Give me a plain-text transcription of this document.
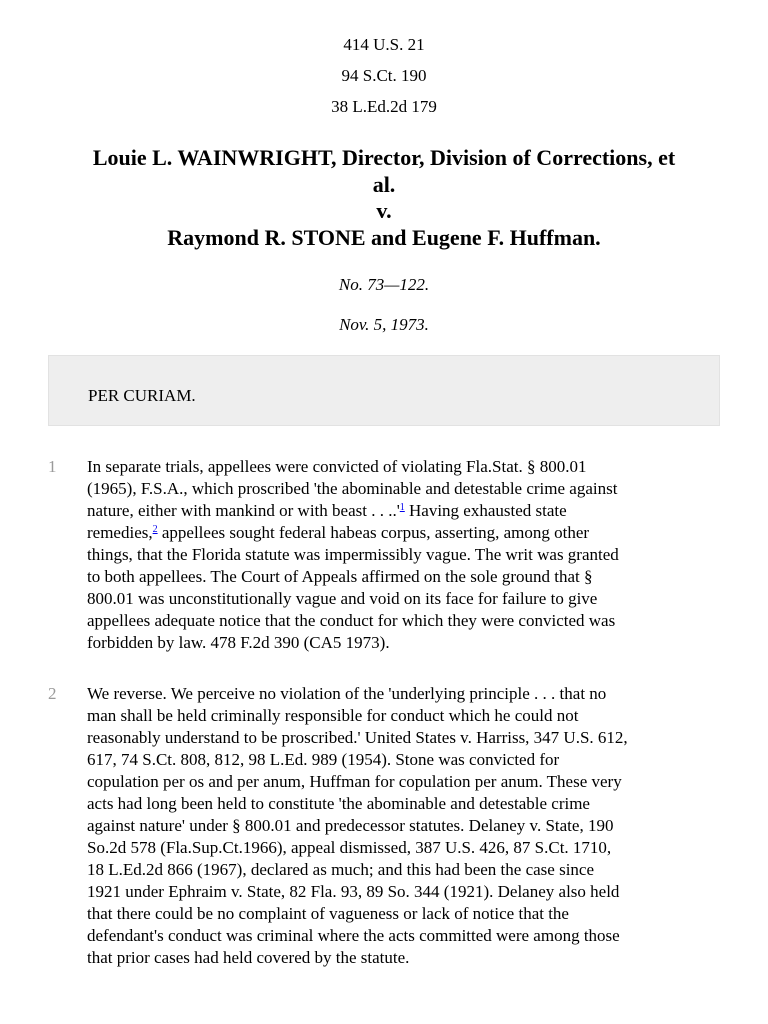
414 U.S. 21
94 S.Ct. 190
38 L.Ed.2d 179
Louie L. WAINWRIGHT, Director, Division of Corrections, et
al.
v.
Raymond R. STONE and Eugene F. Huffman.
No. 73—122.
Nov. 5, 1973.
PER CURIAM.
1 In separate trials, appellees were convicted of violating Fla.Stat. § 800.01
(1965), F.S.A., which proscribed 'the abominable and detestable crime against
nature, either with mankind or with beast . . ..'$^1$ Having exhausted state
remedies,$^2$ appellees sought federal habeas corpus, asserting, among other
things, that the Florida statute was impermissibly vague. The writ was granted
to both appellees. The Court of Appeals affirmed on the sole ground that §
800.01 was unconstitutionally vague and void on its face for failure to give
appellees adequate notice that the conduct for which they were convicted was
forbidden by law. 478 F.2d 390 (CA5 1973).
2 We reverse. We perceive no violation of the 'underlying principle . . . that no
man shall be held criminally responsible for conduct which he could not
reasonably understand to be proscribed.' United States v. Harriss, 347 U.S. 612,
617, 74 S.Ct. 808, 812, 98 L.Ed. 989 (1954). Stone was convicted for
copulation per os and per anum, Huffman for copulation per anum. These very
acts had long been held to constitute 'the abominable and detestable crime
against nature' under § 800.01 and predecessor statutes. Delaney v. State, 190
So.2d 578 (Fla.Sup.Ct.1966), appeal dismissed, 387 U.S. 426, 87 S.Ct. 1710,
18 L.Ed.2d 866 (1967), declared as much; and this had been the case since
1921 under Ephraim v. State, 82 Fla. 93, 89 So. 344 (1921). Delaney also held
that there could be no complaint of vagueness or lack of notice that the
defendant's conduct was criminal where the acts committed were among those
that prior cases had held covered by the statute.
